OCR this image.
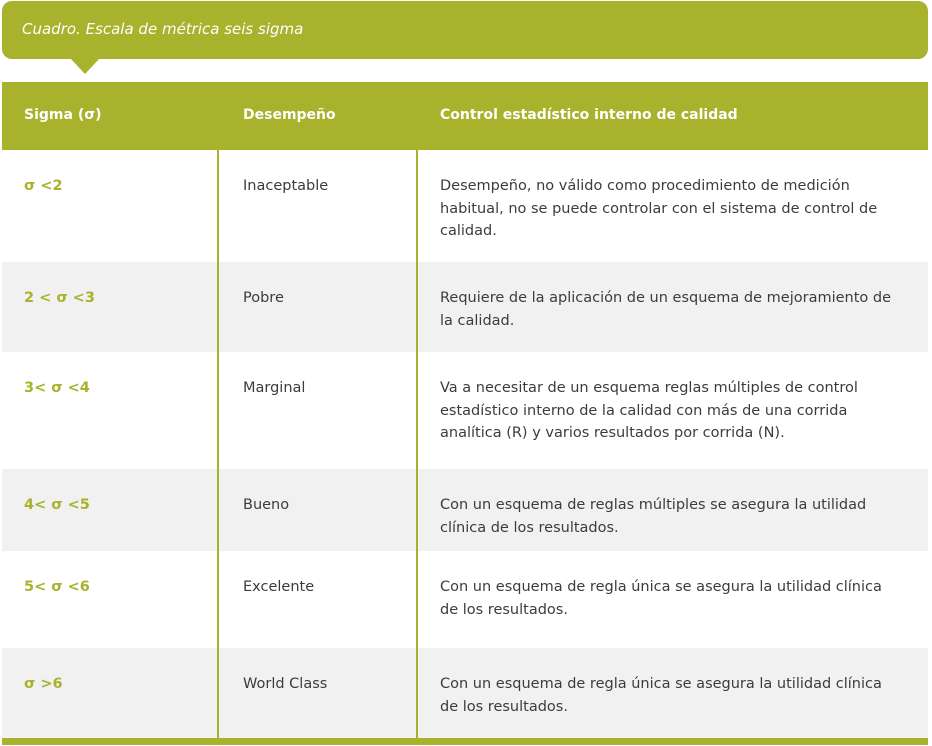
Cuadro. Escala de métrica seis sigma
Sigma (σ)	Desempeño	Control estadístico interno de calidad
σ <2	Inaceptable	Desempeño, no válido como procedimiento de medición habitual, no se puede controlar con el sistema de control de calidad.
2 < σ <3	Pobre	Requiere de la aplicación de un esquema de mejoramiento de la calidad.
3< σ <4	Marginal	Va a necesitar de un esquema reglas múltiples de control estadístico interno de la calidad con más de una corrida analítica (R) y varios resultados por corrida (N).
4< σ <5	Bueno	Con un esquema de reglas múltiples se asegura la utilidad clínica de los resultados.
5< σ <6	Excelente	Con un esquema de regla única se asegura la utilidad clínica de los resultados.
σ >6	World Class	Con un esquema de regla única se asegura la utilidad clínica de los resultados.
